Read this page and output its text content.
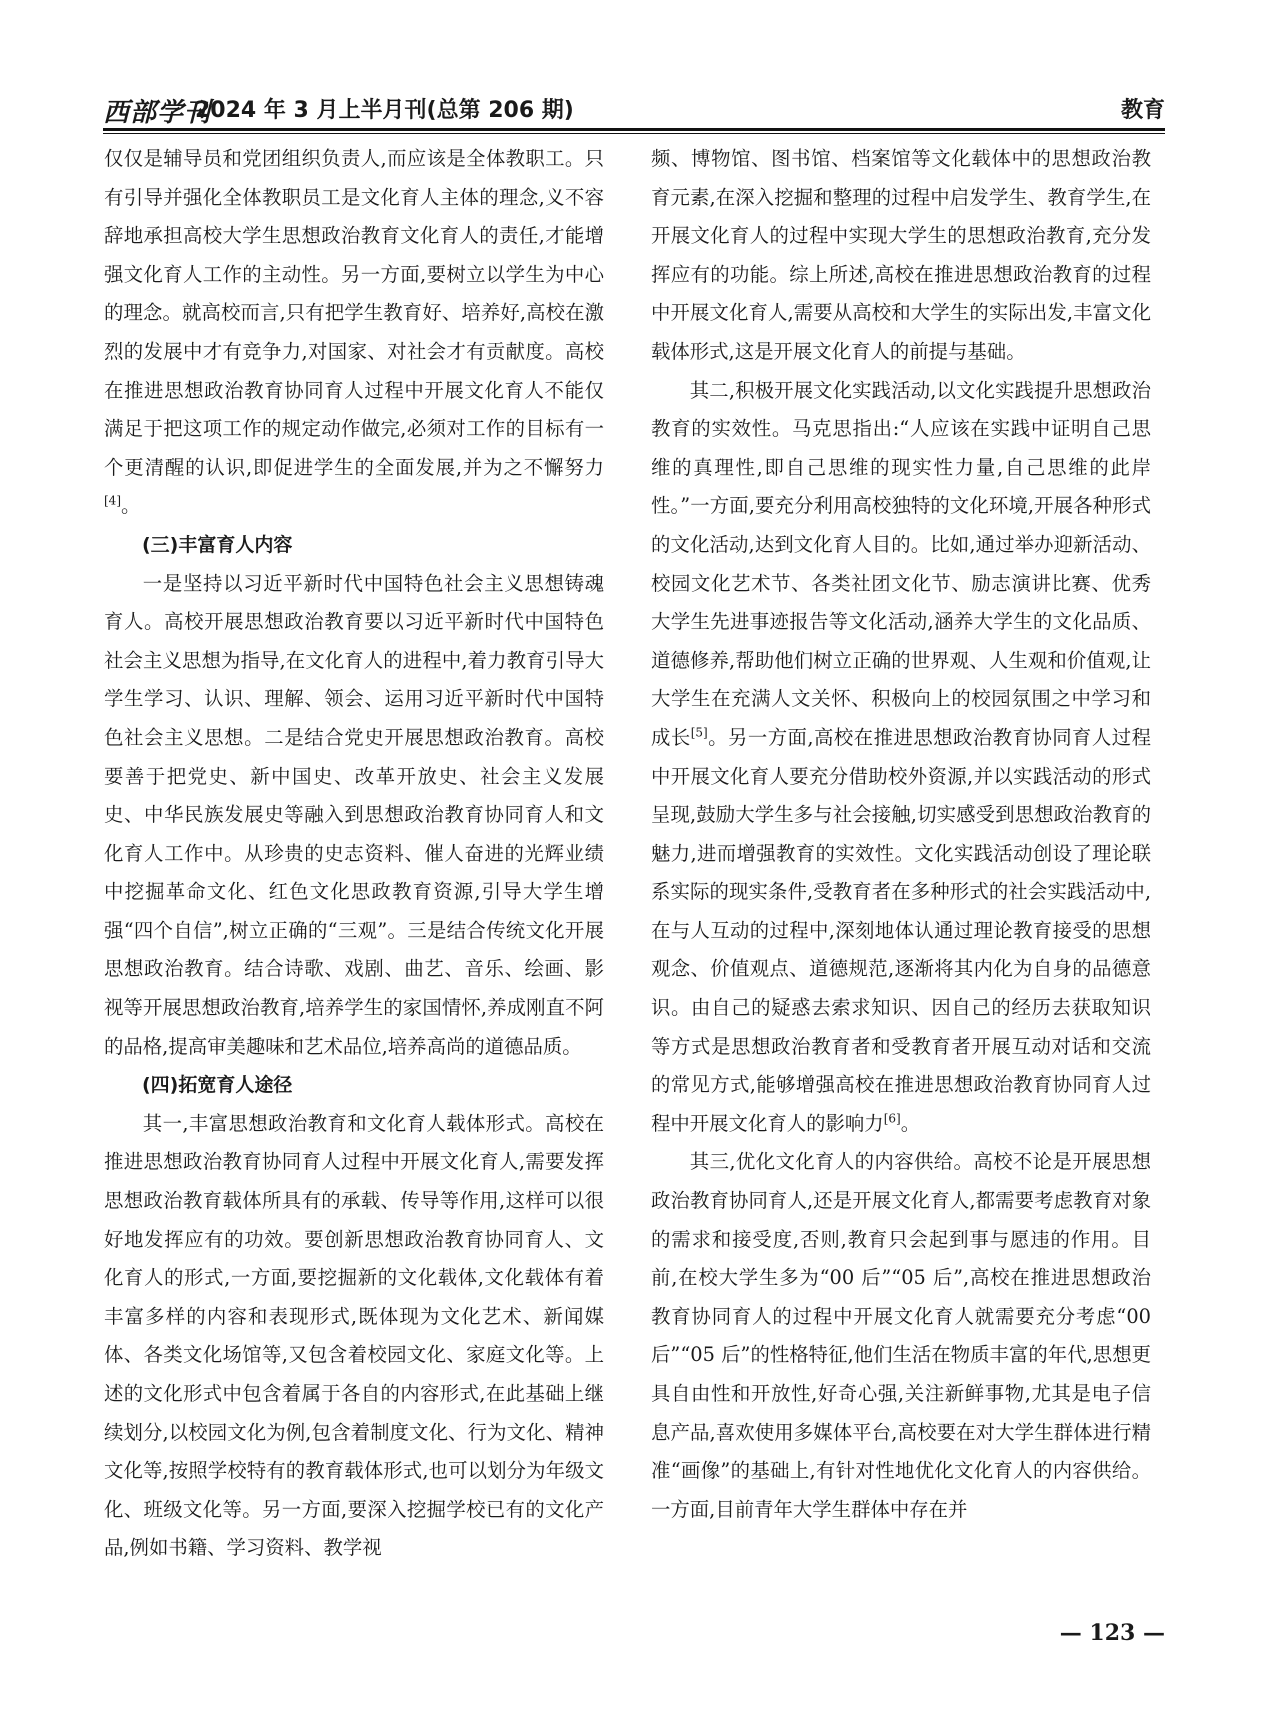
西部学刊
2024 年 3 月上半月刊(总第 206 期)	教育

仅仅是辅导员和党团组织负责人,而应该是全体教职工。只有引导并强化全体教职员工是文化育人主体的理念,义不容辞地承担高校大学生思想政治教育文化育人的责任,才能增强文化育人工作的主动性。另一方面,要树立以学生为中心的理念。就高校而言,只有把学生教育好、培养好,高校在激烈的发展中才有竞争力,对国家、对社会才有贡献度。高校在推进思想政治教育协同育人过程中开展文化育人不能仅满足于把这项工作的规定动作做完,必须对工作的目标有一个更清醒的认识,即促进学生的全面发展,并为之不懈努力[4]。

(三)丰富育人内容

一是坚持以习近平新时代中国特色社会主义思想铸魂育人。高校开展思想政治教育要以习近平新时代中国特色社会主义思想为指导,在文化育人的进程中,着力教育引导大学生学习、认识、理解、领会、运用习近平新时代中国特色社会主义思想。二是结合党史开展思想政治教育。高校要善于把党史、新中国史、改革开放史、社会主义发展史、中华民族发展史等融入到思想政治教育协同育人和文化育人工作中。从珍贵的史志资料、催人奋进的光辉业绩中挖掘革命文化、红色文化思政教育资源,引导大学生增强“四个自信”,树立正确的“三观”。三是结合传统文化开展思想政治教育。结合诗歌、戏剧、曲艺、音乐、绘画、影视等开展思想政治教育,培养学生的家国情怀,养成刚直不阿的品格,提高审美趣味和艺术品位,培养高尚的道德品质。

(四)拓宽育人途径

其一,丰富思想政治教育和文化育人载体形式。高校在推进思想政治教育协同育人过程中开展文化育人,需要发挥思想政治教育载体所具有的承载、传导等作用,这样可以很好地发挥应有的功效。要创新思想政治教育协同育人、文化育人的形式,一方面,要挖掘新的文化载体,文化载体有着丰富多样的内容和表现形式,既体现为文化艺术、新闻媒体、各类文化场馆等,又包含着校园文化、家庭文化等。上述的文化形式中包含着属于各自的内容形式,在此基础上继续划分,以校园文化为例,包含着制度文化、行为文化、精神文化等,按照学校特有的教育载体形式,也可以划分为年级文化、班级文化等。另一方面,要深入挖掘学校已有的文化产品,例如书籍、学习资料、教学视

频、博物馆、图书馆、档案馆等文化载体中的思想政治教育元素,在深入挖掘和整理的过程中启发学生、教育学生,在开展文化育人的过程中实现大学生的思想政治教育,充分发挥应有的功能。综上所述,高校在推进思想政治教育的过程中开展文化育人,需要从高校和大学生的实际出发,丰富文化载体形式,这是开展文化育人的前提与基础。

其二,积极开展文化实践活动,以文化实践提升思想政治教育的实效性。马克思指出:“人应该在实践中证明自己思维的真理性,即自己思维的现实性力量,自己思维的此岸性。”一方面,要充分利用高校独特的文化环境,开展各种形式的文化活动,达到文化育人目的。比如,通过举办迎新活动、校园文化艺术节、各类社团文化节、励志演讲比赛、优秀大学生先进事迹报告等文化活动,涵养大学生的文化品质、道德修养,帮助他们树立正确的世界观、人生观和价值观,让大学生在充满人文关怀、积极向上的校园氛围之中学习和成长[5]。另一方面,高校在推进思想政治教育协同育人过程中开展文化育人要充分借助校外资源,并以实践活动的形式呈现,鼓励大学生多与社会接触,切实感受到思想政治教育的魅力,进而增强教育的实效性。文化实践活动创设了理论联系实际的现实条件,受教育者在多种形式的社会实践活动中,在与人互动的过程中,深刻地体认通过理论教育接受的思想观念、价值观点、道德规范,逐渐将其内化为自身的品德意识。由自己的疑惑去索求知识、因自己的经历去获取知识等方式是思想政治教育者和受教育者开展互动对话和交流的常见方式,能够增强高校在推进思想政治教育协同育人过程中开展文化育人的影响力[6]。

其三,优化文化育人的内容供给。高校不论是开展思想政治教育协同育人,还是开展文化育人,都需要考虑教育对象的需求和接受度,否则,教育只会起到事与愿违的作用。目前,在校大学生多为“00 后”“05 后”,高校在推进思想政治教育协同育人的过程中开展文化育人就需要充分考虑“00 后”“05 后”的性格特征,他们生活在物质丰富的年代,思想更具自由性和开放性,好奇心强,关注新鲜事物,尤其是电子信息产品,喜欢使用多媒体平台,高校要在对大学生群体进行精准“画像”的基础上,有针对性地优化文化育人的内容供给。一方面,目前青年大学生群体中存在并

— 123 —
